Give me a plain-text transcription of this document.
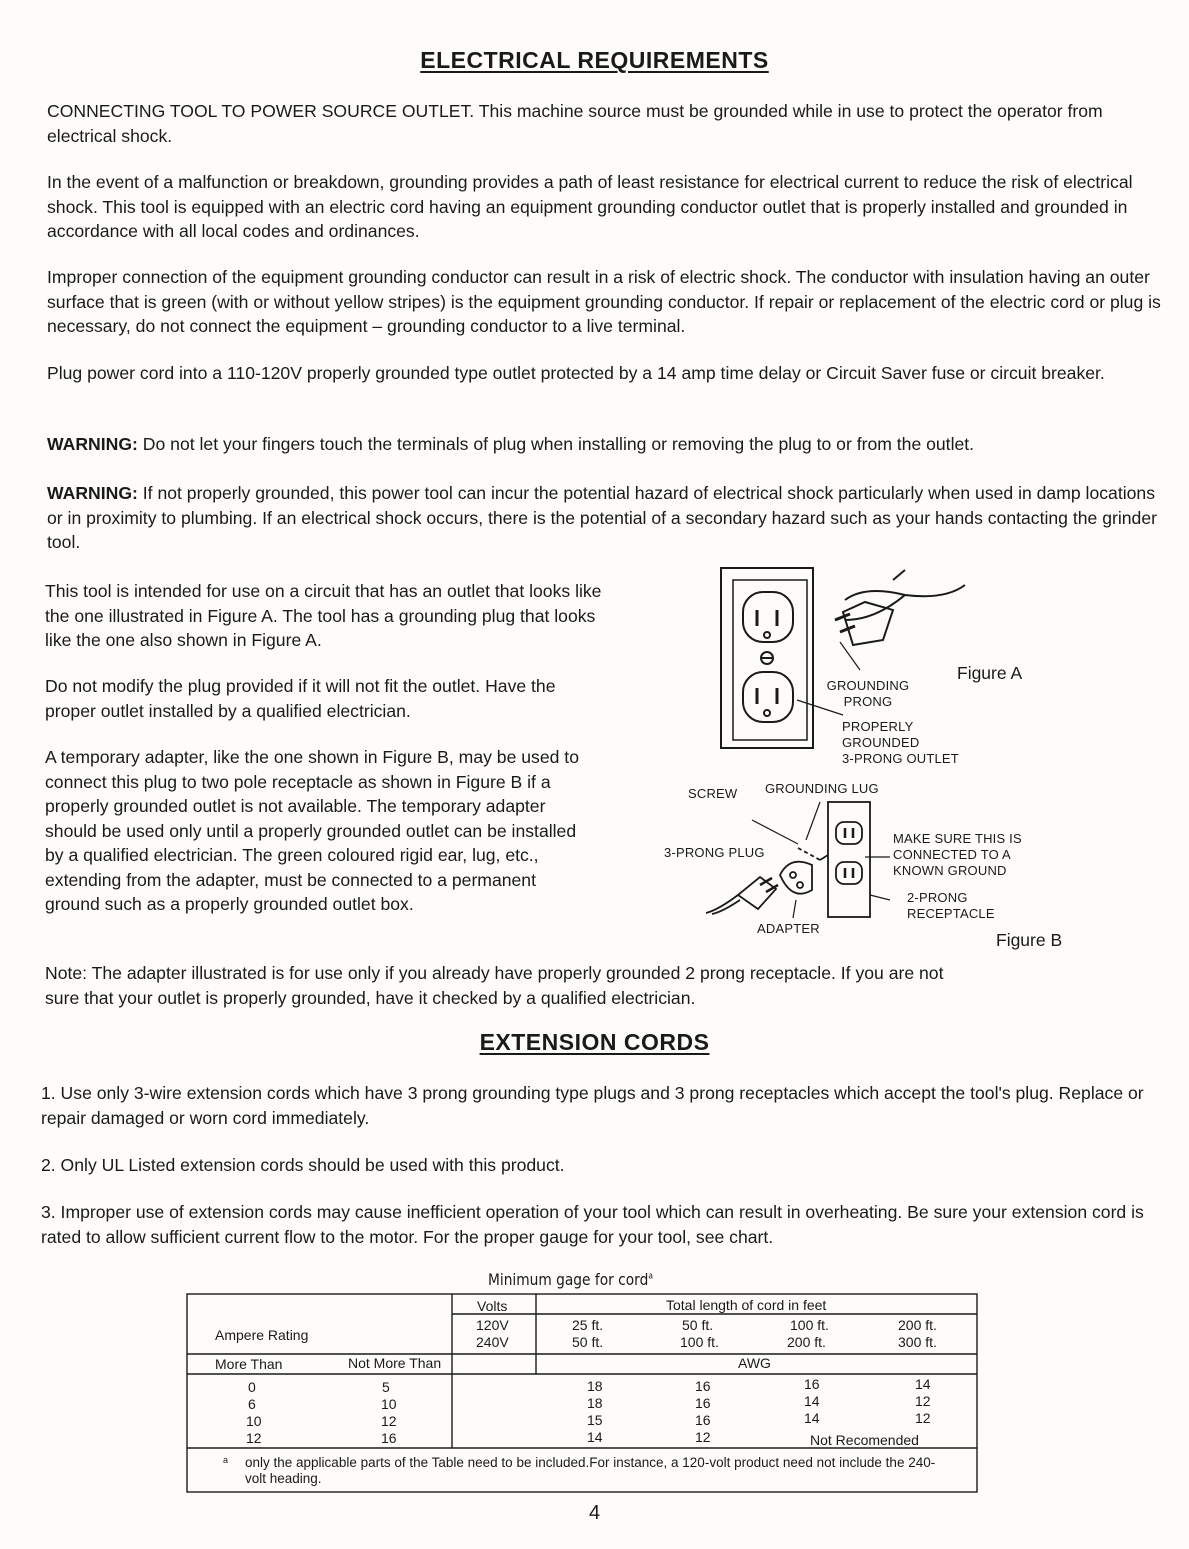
ELECTRICAL REQUIREMENTS

CONNECTING TOOL TO POWER SOURCE OUTLET. This machine source must be grounded while in use to protect the operator from electrical shock.

In the event of a malfunction or breakdown, grounding provides a path of least resistance for electrical current to reduce the risk of electrical shock. This tool is equipped with an electric cord having an equipment grounding conductor outlet that is properly installed and grounded in accordance with all local codes and ordinances.

Improper connection of the equipment grounding conductor can result in a risk of electric shock. The conductor with insulation having an outer surface that is green (with or without yellow stripes) is the equipment grounding conductor. If repair or replacement of the electric cord or plug is necessary, do not connect the equipment – grounding conductor to a live terminal.

Plug power cord into a 110-120V properly grounded type outlet protected by a 14 amp time delay or Circuit Saver fuse or circuit breaker.

WARNING: Do not let your fingers touch the terminals of plug when installing or removing the plug to or from the outlet.

WARNING: If not properly grounded, this power tool can incur the potential hazard of electrical shock particularly when used in damp locations or in proximity to plumbing. If an electrical shock occurs, there is the potential of a secondary hazard such as your hands contacting the grinder tool.

This tool is intended for use on a circuit that has an outlet that looks like the one illustrated in Figure A. The tool has a grounding plug that looks like the one also shown in Figure A.

Do not modify the plug provided if it will not fit the outlet. Have the proper outlet installed by a qualified electrician.

A temporary adapter, like the one shown in Figure B, may be used to connect this plug to two pole receptacle as shown in Figure B if a properly grounded outlet is not available. The temporary adapter should be used only until a properly grounded outlet can be installed by a qualified electrician. The green coloured rigid ear, lug, etc., extending from the adapter, must be connected to a permanent ground such as a properly grounded outlet box.

GROUNDING
PRONG
PROPERLY
GROUNDED
3-PRONG OUTLET
Figure A
SCREW GROUNDING LUG
3-PRONG PLUG
ADAPTER
MAKE SURE THIS IS
CONNECTED TO A
KNOWN GROUND
2-PRONG
RECEPTACLE
Figure B

Note: The adapter illustrated is for use only if you already have properly grounded 2 prong receptacle. If you are not sure that your outlet is properly grounded, have it checked by a qualified electrician.

EXTENSION CORDS

1. Use only 3-wire extension cords which have 3 prong grounding type plugs and 3 prong receptacles which accept the tool's plug. Replace or repair damaged or worn cord immediately.

2. Only UL Listed extension cords should be used with this product.

3. Improper use of extension cords may cause inefficient operation of your tool which can result in overheating. Be sure your extension cord is rated to allow sufficient current flow to the motor. For the proper gauge for your tool, see chart.

Minimum gage for cord$^a$
Volts	Total length of cord in feet
Ampere Rating
120V
240V
25 ft.	50 ft.	100 ft.	200 ft.
50 ft.	100 ft.	200 ft.	300 ft.
More Than	Not More Than	AWG
0	5	18	16	16	14
6	10	18	16	14	12
10	12	15	16	14	12
12	16	14	12	Not Recomended
a only the applicable parts of the Table need to be included.For instance, a 120-volt product need not include the 240-volt heading.
4
